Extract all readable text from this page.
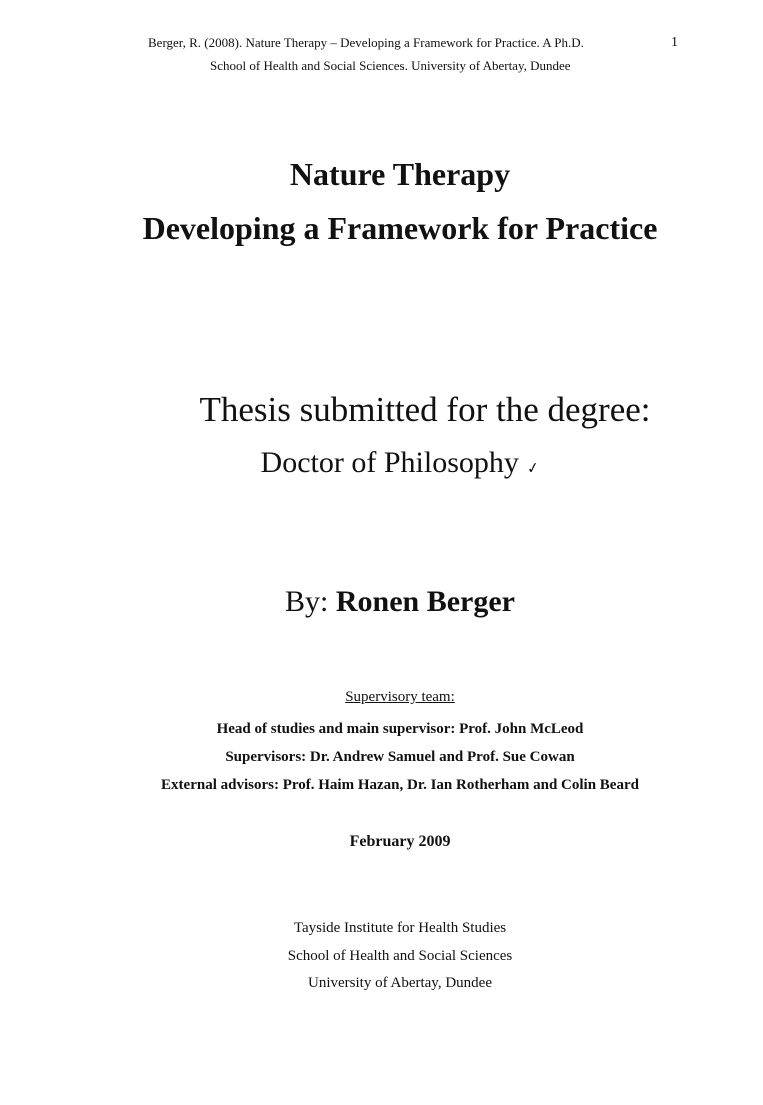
Berger, R. (2008). Nature Therapy – Developing a Framework for Practice. A Ph.D.
School of Health and Social Sciences. University of Abertay, Dundee
1
Nature Therapy
Developing a Framework for Practice
Thesis submitted for the degree:
Doctor of Philosophy ✓
By: Ronen Berger
Supervisory team:
Head of studies and main supervisor: Prof. John McLeod
Supervisors: Dr. Andrew Samuel and Prof. Sue Cowan
External advisors: Prof. Haim Hazan, Dr. Ian Rotherham and Colin Beard
February 2009
Tayside Institute for Health Studies
School of Health and Social Sciences
University of Abertay, Dundee
